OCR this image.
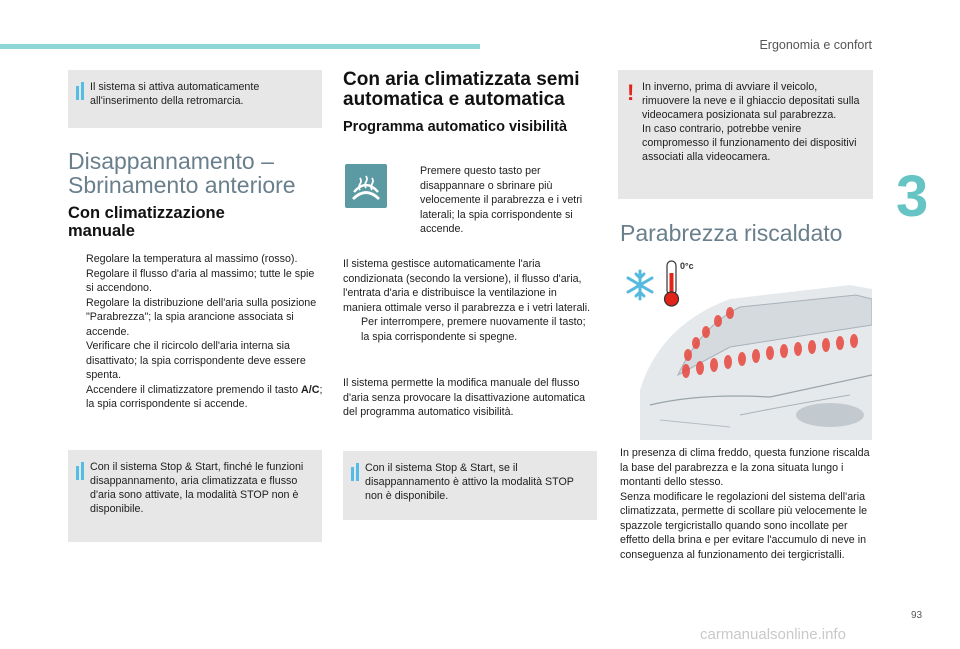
Ergonomia e confort
3
Il sistema si attiva automaticamente all'inserimento della retromarcia.
Disappannamento –
Sbrinamento anteriore
Con climatizzazione
manuale
Regolare la temperatura al massimo (rosso).
Regolare il flusso d'aria al massimo; tutte le spie si accendono.
Regolare la distribuzione dell'aria sulla posizione "Parabrezza"; la spia arancione associata si accende.
Verificare che il ricircolo dell'aria interna sia disattivato; la spia corrispondente deve essere spenta.
Accendere il climatizzatore premendo il tasto A/C; la spia corrispondente si accende.
Con il sistema Stop & Start, finché le funzioni disappannamento, aria climatizzata e flusso d'aria sono attivate, la modalità STOP non è disponibile.
Con aria climatizzata semi
automatica e automatica
Programma automatico visibilità
Premere questo tasto per disappannare o sbrinare più velocemente il parabrezza e i vetri laterali; la spia corrispondente si accende.
Il sistema gestisce automaticamente l'aria condizionata (secondo la versione), il flusso d'aria, l'entrata d'aria e distribuisce la ventilazione in maniera ottimale verso il parabrezza e i vetri laterali.
Per interrompere, premere nuovamente il tasto; la spia corrispondente si spegne.
Il sistema permette la modifica manuale del flusso d'aria senza provocare la disattivazione automatica del programma automatico visibilità.
Con il sistema Stop & Start, se il disappannamento è attivo la modalità STOP non è disponibile.
! In inverno, prima di avviare il veicolo, rimuovere la neve e il ghiaccio depositati sulla videocamera posizionata sul parabrezza.
In caso contrario, potrebbe venire compromesso il funzionamento dei dispositivi associati alla videocamera.
Parabrezza riscaldato
0°c
In presenza di clima freddo, questa funzione riscalda la base del parabrezza e la zona situata lungo i montanti dello stesso.
Senza modificare le regolazioni del sistema dell'aria climatizzata, permette di scollare più velocemente le spazzole tergicristallo quando sono incollate per effetto della brina e per evitare l'accumulo di neve in conseguenza al funzionamento dei tergicristalli.
93
carmanualsonline.info
